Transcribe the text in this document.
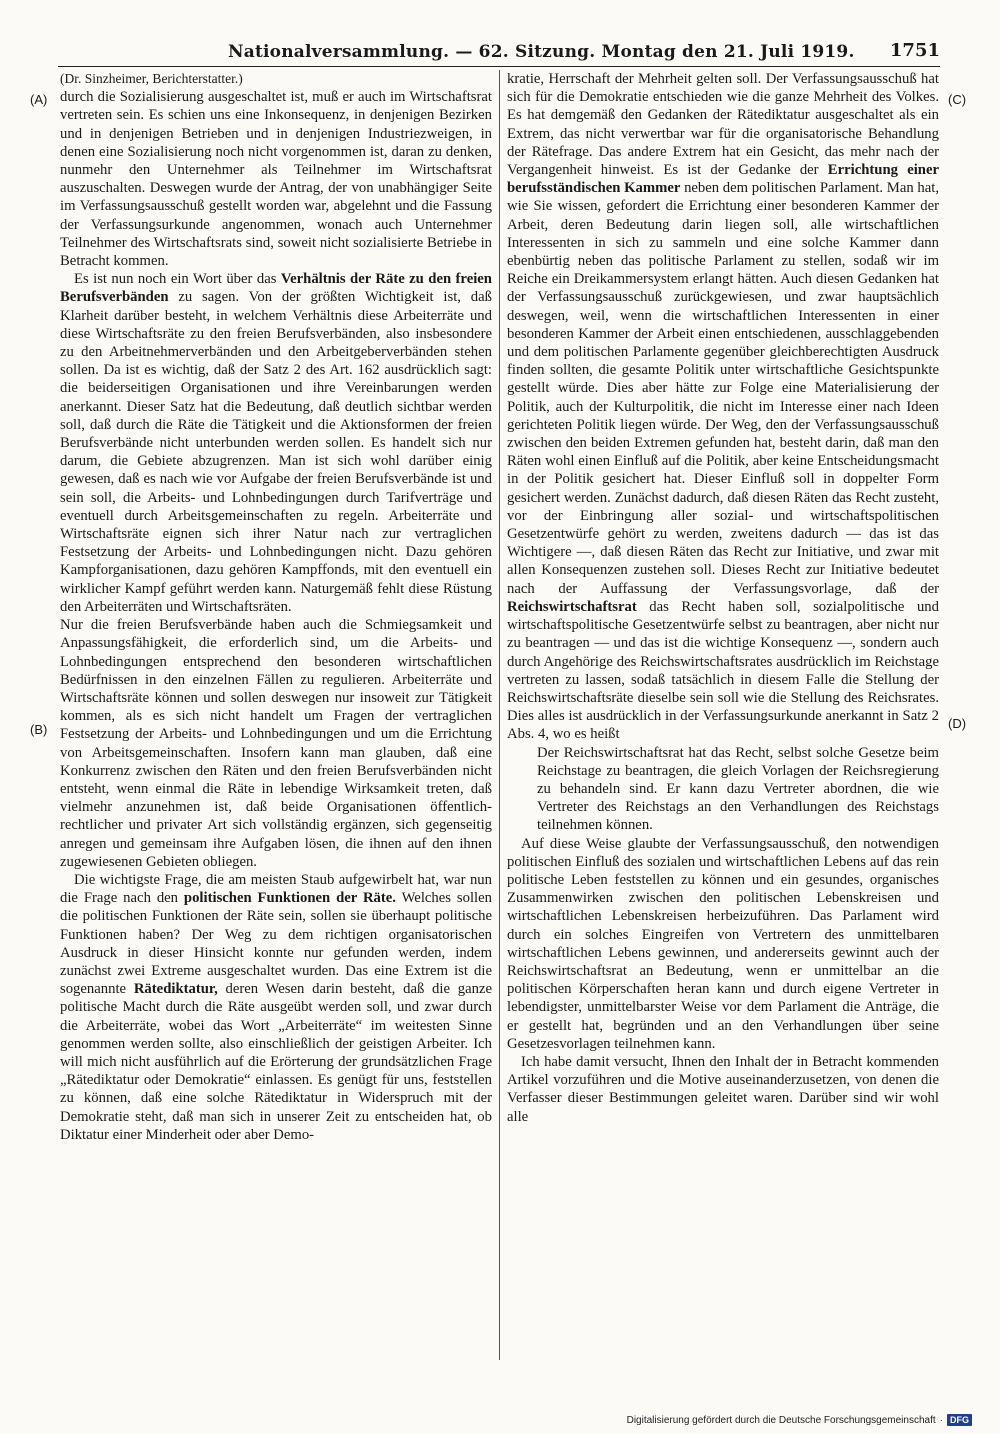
Nationalversammlung. — 62. Sitzung. Montag den 21. Juli 1919. 1751
(A)
(B)
(C)
(D)

(Dr. Sinzheimer, Berichterstatter.)

durch die Sozialisierung ausgeschaltet ist, muß er auch im Wirtschaftsrat vertreten sein. Es schien uns eine Inkonsequenz, in denjenigen Bezirken und in denjenigen Betrieben und in denjenigen Industriezweigen, in denen eine Sozialisierung noch nicht vorgenommen ist, daran zu denken, nunmehr den Unternehmer als Teilnehmer im Wirtschaftsrat auszuschalten. Deswegen wurde der Antrag, der von unabhängiger Seite im Verfassungsausschuß gestellt worden war, abgelehnt und die Fassung der Verfassungsurkunde angenommen, wonach auch Unternehmer Teilnehmer des Wirtschaftsrats sind, soweit nicht sozialisierte Betriebe in Betracht kommen.

Es ist nun noch ein Wort über das Verhältnis der Räte zu den freien Berufsverbänden zu sagen. Von der größten Wichtigkeit ist, daß Klarheit darüber besteht, in welchem Verhältnis diese Arbeiterräte und diese Wirtschaftsräte zu den freien Berufsverbänden, also insbesondere zu den Arbeitnehmerverbänden und den Arbeitgeberverbänden stehen sollen. Da ist es wichtig, daß der Satz 2 des Art. 162 ausdrücklich sagt: die beiderseitigen Organisationen und ihre Vereinbarungen werden anerkannt. Dieser Satz hat die Bedeutung, daß deutlich sichtbar werden soll, daß durch die Räte die Tätigkeit und die Aktionsformen der freien Berufsverbände nicht unterbunden werden sollen. Es handelt sich nur darum, die Gebiete abzugrenzen. Man ist sich wohl darüber einig gewesen, daß es nach wie vor Aufgabe der freien Berufsverbände ist und sein soll, die Arbeits- und Lohnbedingungen durch Tarifverträge und eventuell durch Arbeitsgemeinschaften zu regeln. Arbeiterräte und Wirtschaftsräte eignen sich ihrer Natur nach zur vertraglichen Festsetzung der Arbeits- und Lohnbedingungen nicht. Dazu gehören Kampforganisationen, dazu gehören Kampffonds, mit den eventuell ein wirklicher Kampf geführt werden kann. Naturgemäß fehlt diese Rüstung den Arbeiterräten und Wirtschaftsräten.

Nur die freien Berufsverbände haben auch die Schmiegsamkeit und Anpassungsfähigkeit, die erforderlich sind, um die Arbeits- und Lohnbedingungen entsprechend den besonderen wirtschaftlichen Bedürfnissen in den einzelnen Fällen zu regulieren. Arbeiterräte und Wirtschaftsräte können und sollen deswegen nur insoweit zur Tätigkeit kommen, als es sich nicht handelt um Fragen der vertraglichen Festsetzung der Arbeits- und Lohnbedingungen und um die Errichtung von Arbeitsgemeinschaften. Insofern kann man glauben, daß eine Konkurrenz zwischen den Räten und den freien Berufsverbänden nicht entsteht, wenn einmal die Räte in lebendige Wirksamkeit treten, daß vielmehr anzunehmen ist, daß beide Organisationen öffentlich-rechtlicher und privater Art sich vollständig ergänzen, sich gegenseitig anregen und gemeinsam ihre Aufgaben lösen, die ihnen auf den ihnen zugewiesenen Gebieten obliegen.

Die wichtigste Frage, die am meisten Staub aufgewirbelt hat, war nun die Frage nach den politischen Funktionen der Räte. Welches sollen die politischen Funktionen der Räte sein, sollen sie überhaupt politische Funktionen haben? Der Weg zu dem richtigen organisatorischen Ausdruck in dieser Hinsicht konnte nur gefunden werden, indem zunächst zwei Extreme ausgeschaltet wurden. Das eine Extrem ist die sogenannte Rätediktatur, deren Wesen darin besteht, daß die ganze politische Macht durch die Räte ausgeübt werden soll, und zwar durch die Arbeiterräte, wobei das Wort „Arbeiterräte“ im weitesten Sinne genommen werden sollte, also einschließlich der geistigen Arbeiter. Ich will mich nicht ausführlich auf die Erörterung der grundsätzlichen Frage „Rätediktatur oder Demokratie“ einlassen. Es genügt für uns, feststellen zu können, daß eine solche Rätediktatur in Widerspruch mit der Demokratie steht, daß man sich in unserer Zeit zu entscheiden hat, ob Diktatur einer Minderheit oder aber Demo-

kratie, Herrschaft der Mehrheit gelten soll. Der Verfassungsausschuß hat sich für die Demokratie entschieden wie die ganze Mehrheit des Volkes. Es hat demgemäß den Gedanken der Rätediktatur ausgeschaltet als ein Extrem, das nicht verwertbar war für die organisatorische Behandlung der Rätefrage. Das andere Extrem hat ein Gesicht, das mehr nach der Vergangenheit hinweist. Es ist der Gedanke der Errichtung einer berufsständischen Kammer neben dem politischen Parlament. Man hat, wie Sie wissen, gefordert die Errichtung einer besonderen Kammer der Arbeit, deren Bedeutung darin liegen soll, alle wirtschaftlichen Interessenten in sich zu sammeln und eine solche Kammer dann ebenbürtig neben das politische Parlament zu stellen, sodaß wir im Reiche ein Dreikammersystem erlangt hätten. Auch diesen Gedanken hat der Verfassungsausschuß zurückgewiesen, und zwar hauptsächlich deswegen, weil, wenn die wirtschaftlichen Interessenten in einer besonderen Kammer der Arbeit einen entschiedenen, ausschlaggebenden und dem politischen Parlamente gegenüber gleichberechtigten Ausdruck finden sollten, die gesamte Politik unter wirtschaftliche Gesichtspunkte gestellt würde. Dies aber hätte zur Folge eine Materialisierung der Politik, auch der Kulturpolitik, die nicht im Interesse einer nach Ideen gerichteten Politik liegen würde. Der Weg, den der Verfassungsausschuß zwischen den beiden Extremen gefunden hat, besteht darin, daß man den Räten wohl einen Einfluß auf die Politik, aber keine Entscheidungsmacht in der Politik gesichert hat. Dieser Einfluß soll in doppelter Form gesichert werden. Zunächst dadurch, daß diesen Räten das Recht zusteht, vor der Einbringung aller sozial- und wirtschaftspolitischen Gesetzentwürfe gehört zu werden, zweitens dadurch — das ist das Wichtigere —, daß diesen Räten das Recht zur Initiative, und zwar mit allen Konsequenzen zustehen soll. Dieses Recht zur Initiative bedeutet nach der Auffassung der Verfassungsvorlage, daß der Reichswirtschaftsrat das Recht haben soll, sozialpolitische und wirtschaftspolitische Gesetzentwürfe selbst zu beantragen, aber nicht nur zu beantragen — und das ist die wichtige Konsequenz —, sondern auch durch Angehörige des Reichswirtschaftsrates ausdrücklich im Reichstage vertreten zu lassen, sodaß tatsächlich in diesem Falle die Stellung der Reichswirtschaftsräte dieselbe sein soll wie die Stellung des Reichsrates. Dies alles ist ausdrücklich in der Verfassungsurkunde anerkannt in Satz 2 Abs. 4, wo es heißt

Der Reichswirtschaftsrat hat das Recht, selbst solche Gesetze beim Reichstage zu beantragen, die gleich Vorlagen der Reichsregierung zu behandeln sind. Er kann dazu Vertreter abordnen, die wie Vertreter des Reichstags an den Verhandlungen des Reichstags teilnehmen können.

Auf diese Weise glaubte der Verfassungsausschuß, den notwendigen politischen Einfluß des sozialen und wirtschaftlichen Lebens auf das rein politische Leben feststellen zu können und ein gesundes, organisches Zusammenwirken zwischen den politischen Lebenskreisen und wirtschaftlichen Lebenskreisen herbeizuführen. Das Parlament wird durch ein solches Eingreifen von Vertretern des unmittelbaren wirtschaftlichen Lebens gewinnen, und andererseits gewinnt auch der Reichswirtschaftsrat an Bedeutung, wenn er unmittelbar an die politischen Körperschaften heran kann und durch eigene Vertreter in lebendigster, unmittelbarster Weise vor dem Parlament die Anträge, die er gestellt hat, begründen und an den Verhandlungen über seine Gesetzesvorlagen teilnehmen kann.

Ich habe damit versucht, Ihnen den Inhalt der in Betracht kommenden Artikel vorzuführen und die Motive auseinanderzusetzen, von denen die Verfasser dieser Bestimmungen geleitet waren. Darüber sind wir wohl alle

Digitalisierung gefördert durch die Deutsche Forschungsgemeinschaft · DFG
